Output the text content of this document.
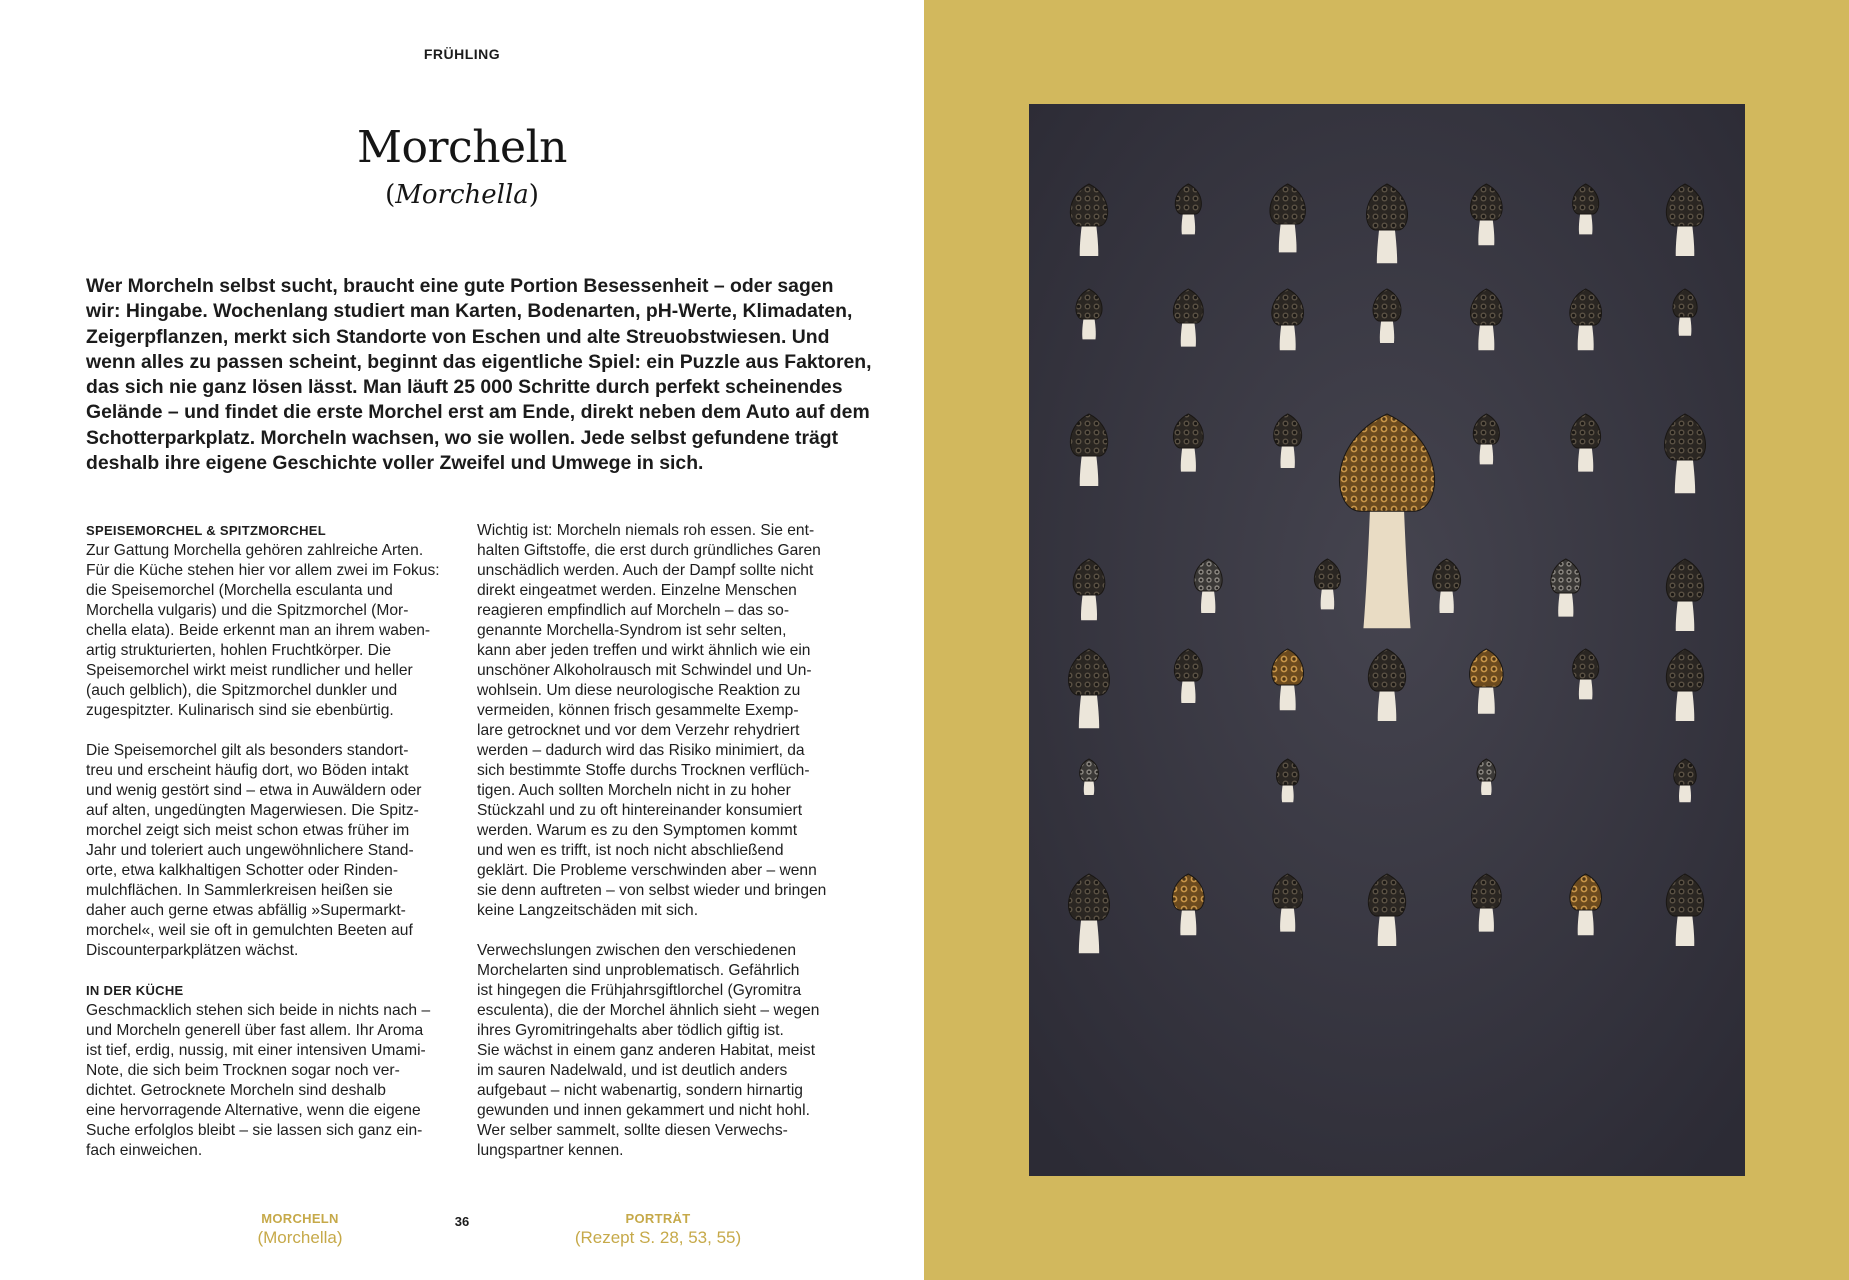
FRÜHLING
Morcheln
(Morchella)

Wer Morcheln selbst sucht, braucht eine gute Portion Besessenheit – oder sagen
wir: Hingabe. Wochenlang studiert man Karten, Bodenarten, pH-Werte, Klimadaten,
Zeigerpflanzen, merkt sich Standorte von Eschen und alte Streuobstwiesen. Und
wenn alles zu passen scheint, beginnt das eigentliche Spiel: ein Puzzle aus Faktoren,
das sich nie ganz lösen lässt. Man läuft 25 000 Schritte durch perfekt scheinendes
Gelände – und findet die erste Morchel erst am Ende, direkt neben dem Auto auf dem
Schotterparkplatz. Morcheln wachsen, wo sie wollen. Jede selbst gefundene trägt
deshalb ihre eigene Geschichte voller Zweifel und Umwege in sich.

SPEISEMORCHEL & SPITZMORCHEL
Zur Gattung Morchella gehören zahlreiche Arten.
Für die Küche stehen hier vor allem zwei im Fokus:
die Speisemorchel (Morchella esculanta und
Morchella vulgaris) und die Spitzmorchel (Mor-
chella elata). Beide erkennt man an ihrem waben-
artig strukturierten, hohlen Fruchtkörper. Die
Speisemorchel wirkt meist rundlicher und heller
(auch gelblich), die Spitzmorchel dunkler und
zugespitzter. Kulinarisch sind sie ebenbürtig.
Die Speisemorchel gilt als besonders standort-
treu und erscheint häufig dort, wo Böden intakt
und wenig gestört sind – etwa in Auwäldern oder
auf alten, ungedüngten Magerwiesen. Die Spitz-
morchel zeigt sich meist schon etwas früher im
Jahr und toleriert auch ungewöhnlichere Stand-
orte, etwa kalkhaltigen Schotter oder Rinden-
mulchflächen. In Sammlerkreisen heißen sie
daher auch gerne etwas abfällig »Supermarkt-
morchel«, weil sie oft in gemulchten Beeten auf
Discounterparkplätzen wächst.
IN DER KÜCHE
Geschmacklich stehen sich beide in nichts nach –
und Morcheln generell über fast allem. Ihr Aroma
ist tief, erdig, nussig, mit einer intensiven Umami-
Note, die sich beim Trocknen sogar noch ver-
dichtet. Getrocknete Morcheln sind deshalb
eine hervorragende Alternative, wenn die eigene
Suche erfolglos bleibt – sie lassen sich ganz ein-
fach einweichen.
Wichtig ist: Morcheln niemals roh essen. Sie ent-
halten Giftstoffe, die erst durch gründliches Garen
unschädlich werden. Auch der Dampf sollte nicht
direkt eingeatmet werden. Einzelne Menschen
reagieren empfindlich auf Morcheln – das so-
genannte Morchella-Syndrom ist sehr selten,
kann aber jeden treffen und wirkt ähnlich wie ein
unschöner Alkoholrausch mit Schwindel und Un-
wohlsein. Um diese neurologische Reaktion zu
vermeiden, können frisch gesammelte Exemp-
lare getrocknet und vor dem Verzehr rehydriert
werden – dadurch wird das Risiko minimiert, da
sich bestimmte Stoffe durchs Trocknen verflüch-
tigen. Auch sollten Morcheln nicht in zu hoher
Stückzahl und zu oft hintereinander konsumiert
werden. Warum es zu den Symptomen kommt
und wen es trifft, ist noch nicht abschließend
geklärt. Die Probleme verschwinden aber – wenn
sie denn auftreten – von selbst wieder und bringen
keine Langzeitschäden mit sich.
Verwechslungen zwischen den verschiedenen
Morchelarten sind unproblematisch. Gefährlich
ist hingegen die Frühjahrsgiftlorchel (Gyromitra
esculenta), die der Morchel ähnlich sieht – wegen
ihres Gyromitringehalts aber tödlich giftig ist.
Sie wächst in einem ganz anderen Habitat, meist
im sauren Nadelwald, und ist deutlich anders
aufgebaut – nicht wabenartig, sondern hirnartig
gewunden und innen gekammert und nicht hohl.
Wer selber sammelt, sollte diesen Verwechs-
lungspartner kennen.
MORCHELN
(Morchella)
36	PORTRÄT
(Rezept S. 28, 53, 55)
